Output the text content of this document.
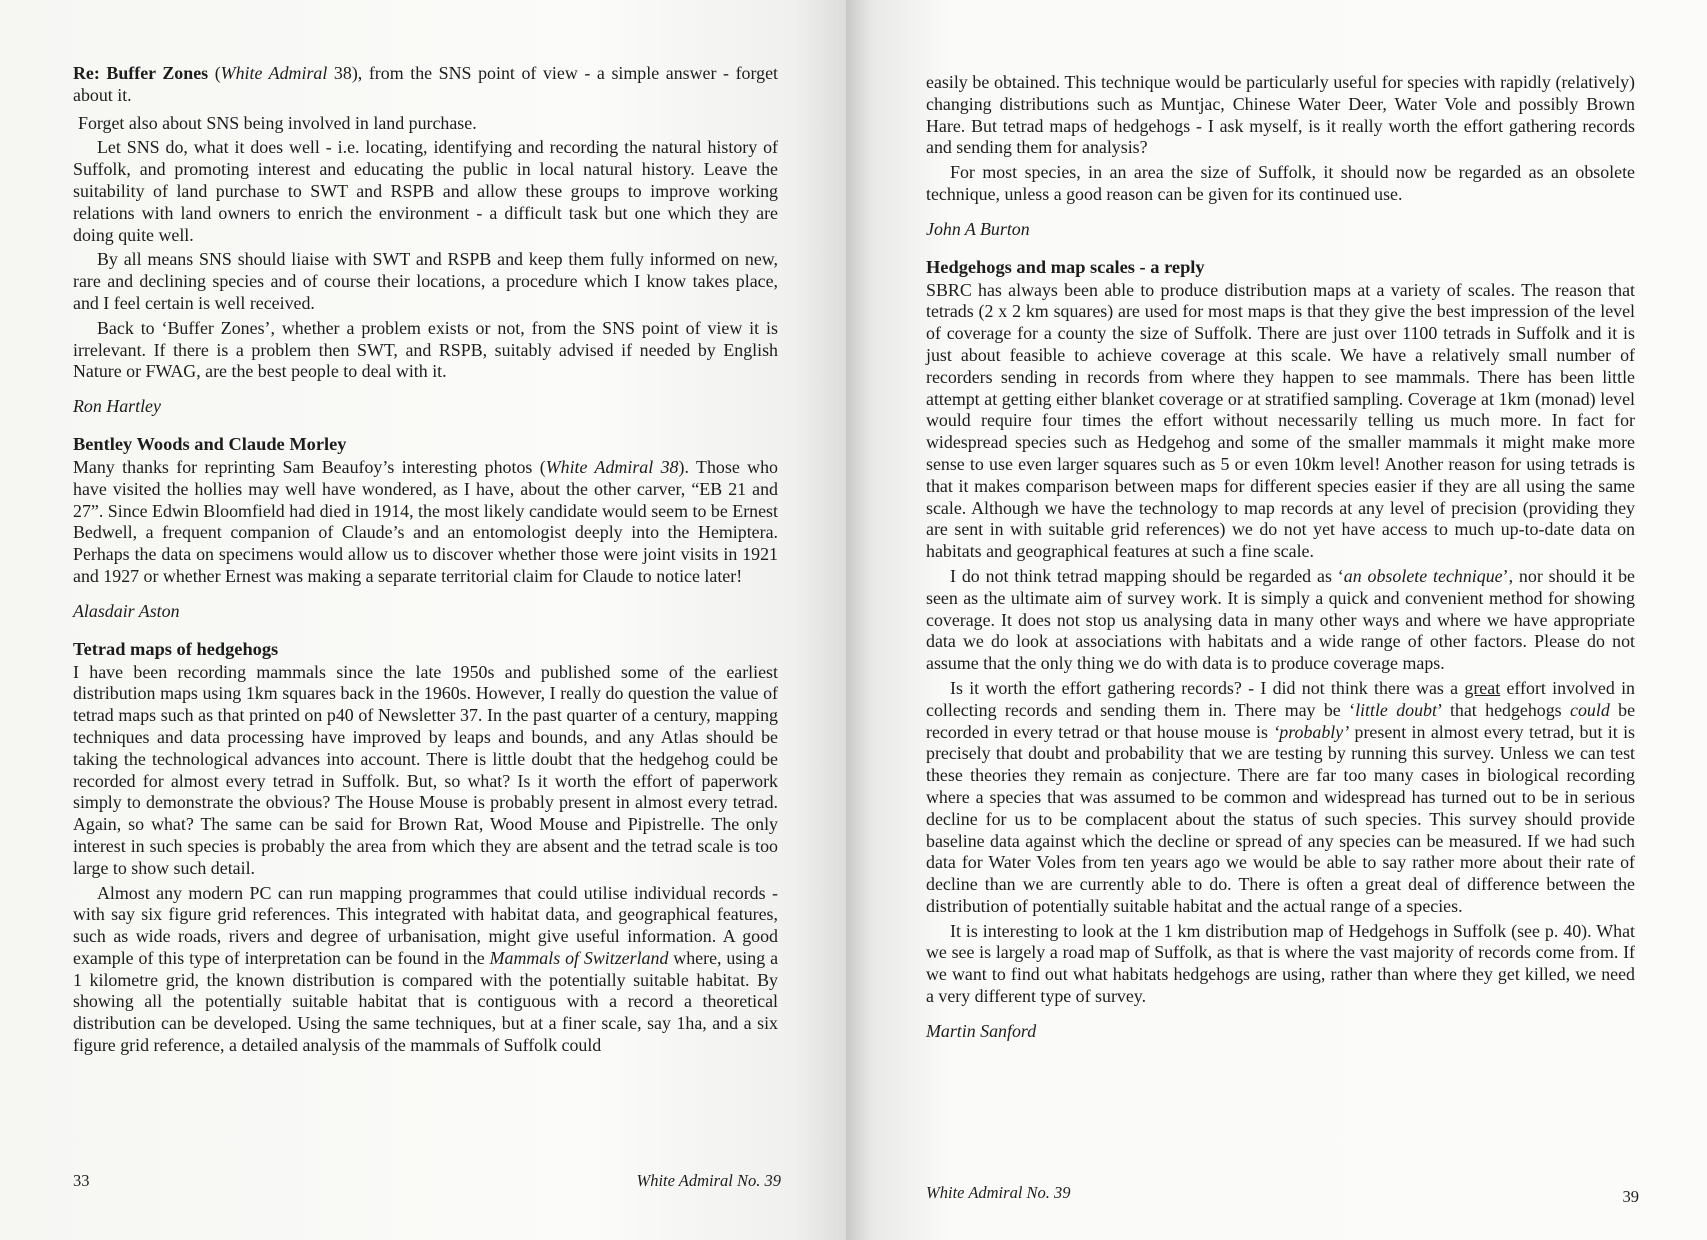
Re: Buffer Zones (White Admiral 38), from the SNS point of view - a simple answer - forget about it.

Forget also about SNS being involved in land purchase.

Let SNS do, what it does well - i.e. locating, identifying and recording the natural history of Suffolk, and promoting interest and educating the public in local natural history. Leave the suitability of land purchase to SWT and RSPB and allow these groups to improve working relations with land owners to enrich the environment - a difficult task but one which they are doing quite well.

By all means SNS should liaise with SWT and RSPB and keep them fully informed on new, rare and declining species and of course their locations, a procedure which I know takes place, and I feel certain is well received.

Back to ‘Buffer Zones’, whether a problem exists or not, from the SNS point of view it is irrelevant. If there is a problem then SWT, and RSPB, suitably advised if needed by English Nature or FWAG, are the best people to deal with it.

Ron Hartley

Bentley Woods and Claude Morley

Many thanks for reprinting Sam Beaufoy’s interesting photos (White Admiral 38). Those who have visited the hollies may well have wondered, as I have, about the other carver, “EB 21 and 27”. Since Edwin Bloomfield had died in 1914, the most likely candidate would seem to be Ernest Bedwell, a frequent companion of Claude’s and an entomologist deeply into the Hemiptera. Perhaps the data on specimens would allow us to discover whether those were joint visits in 1921 and 1927 or whether Ernest was making a separate territorial claim for Claude to notice later!

Alasdair Aston

Tetrad maps of hedgehogs

I have been recording mammals since the late 1950s and published some of the earliest distribution maps using 1km squares back in the 1960s. However, I really do question the value of tetrad maps such as that printed on p40 of Newsletter 37. In the past quarter of a century, mapping techniques and data processing have improved by leaps and bounds, and any Atlas should be taking the technological advances into account. There is little doubt that the hedgehog could be recorded for almost every tetrad in Suffolk. But, so what? Is it worth the effort of paperwork simply to demonstrate the obvious? The House Mouse is probably present in almost every tetrad. Again, so what? The same can be said for Brown Rat, Wood Mouse and Pipistrelle. The only interest in such species is probably the area from which they are absent and the tetrad scale is too large to show such detail.

Almost any modern PC can run mapping programmes that could utilise individual records - with say six figure grid references. This integrated with habitat data, and geographical features, such as wide roads, rivers and degree of urbanisation, might give useful information. A good example of this type of interpretation can be found in the Mammals of Switzerland where, using a 1 kilometre grid, the known distribution is compared with the potentially suitable habitat. By showing all the potentially suitable habitat that is contiguous with a record a theoretical distribution can be developed. Using the same techniques, but at a finer scale, say 1ha, and a six figure grid reference, a detailed analysis of the mammals of Suffolk could

33	White Admiral No. 39

easily be obtained. This technique would be particularly useful for species with rapidly (relatively) changing distributions such as Muntjac, Chinese Water Deer, Water Vole and possibly Brown Hare. But tetrad maps of hedgehogs - I ask myself, is it really worth the effort gathering records and sending them for analysis?

For most species, in an area the size of Suffolk, it should now be regarded as an obsolete technique, unless a good reason can be given for its continued use.

John A Burton

Hedgehogs and map scales - a reply

SBRC has always been able to produce distribution maps at a variety of scales. The reason that tetrads (2 x 2 km squares) are used for most maps is that they give the best impression of the level of coverage for a county the size of Suffolk. There are just over 1100 tetrads in Suffolk and it is just about feasible to achieve coverage at this scale. We have a relatively small number of recorders sending in records from where they happen to see mammals. There has been little attempt at getting either blanket coverage or at stratified sampling. Coverage at 1km (monad) level would require four times the effort without necessarily telling us much more. In fact for widespread species such as Hedgehog and some of the smaller mammals it might make more sense to use even larger squares such as 5 or even 10km level! Another reason for using tetrads is that it makes comparison between maps for different species easier if they are all using the same scale. Although we have the technology to map records at any level of precision (providing they are sent in with suitable grid references) we do not yet have access to much up-to-date data on habitats and geographical features at such a fine scale.

I do not think tetrad mapping should be regarded as ‘an obsolete technique’, nor should it be seen as the ultimate aim of survey work. It is simply a quick and convenient method for showing coverage. It does not stop us analysing data in many other ways and where we have appropriate data we do look at associations with habitats and a wide range of other factors. Please do not assume that the only thing we do with data is to produce coverage maps.

Is it worth the effort gathering records? - I did not think there was a great effort involved in collecting records and sending them in. There may be ‘little doubt’ that hedgehogs could be recorded in every tetrad or that house mouse is ‘probably’ present in almost every tetrad, but it is precisely that doubt and probability that we are testing by running this survey. Unless we can test these theories they remain as conjecture. There are far too many cases in biological recording where a species that was assumed to be common and widespread has turned out to be in serious decline for us to be complacent about the status of such species. This survey should provide baseline data against which the decline or spread of any species can be measured. If we had such data for Water Voles from ten years ago we would be able to say rather more about their rate of decline than we are currently able to do. There is often a great deal of difference between the distribution of potentially suitable habitat and the actual range of a species.

It is interesting to look at the 1 km distribution map of Hedgehogs in Suffolk (see p. 40). What we see is largely a road map of Suffolk, as that is where the vast majority of records come from. If we want to find out what habitats hedgehogs are using, rather than where they get killed, we need a very different type of survey.

Martin Sanford

White Admiral No. 39	39
